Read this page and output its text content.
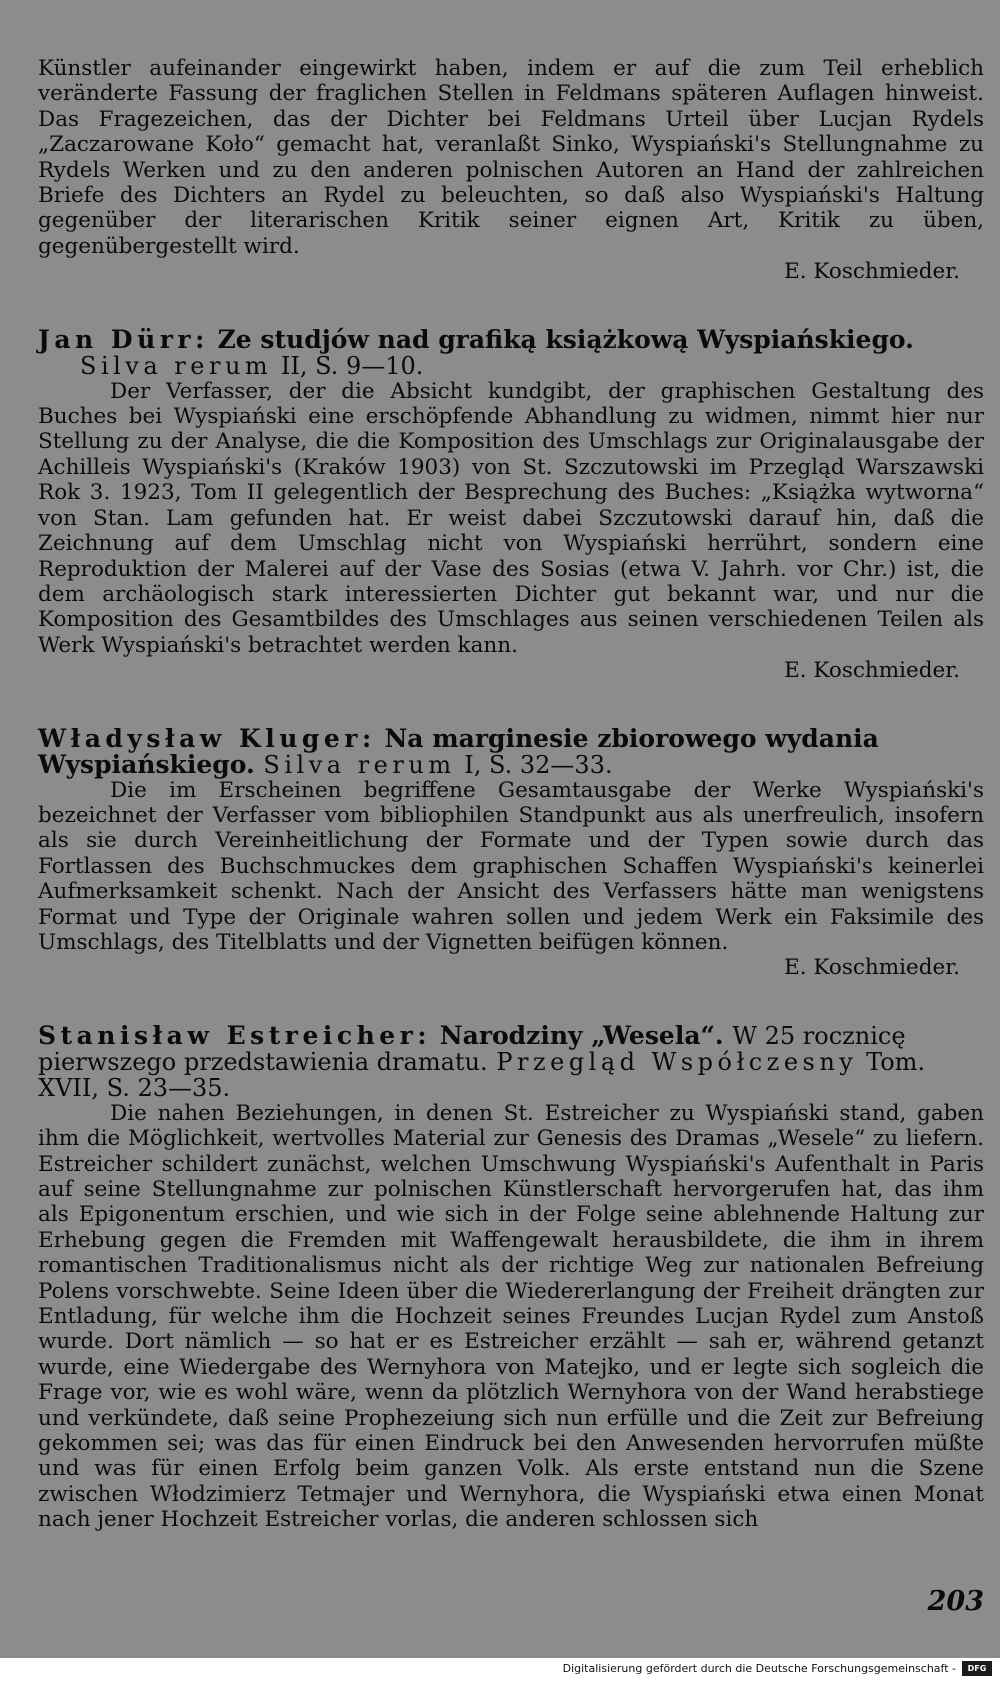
Künstler aufeinander eingewirkt haben, indem er auf die zum Teil erheblich veränderte Fassung der fraglichen Stellen in Feldmans späteren Auflagen hinweist. Das Fragezeichen, das der Dichter bei Feldmans Urteil über Lucjan Rydels „Zaczarowane Koło“ gemacht hat, veranlaßt Sinko, Wyspiański's Stellungnahme zu Rydels Werken und zu den anderen polnischen Autoren an Hand der zahlreichen Briefe des Dichters an Rydel zu beleuchten, so daß also Wyspiański's Haltung gegenüber der literarischen Kritik seiner eignen Art, Kritik zu üben, gegenübergestellt wird.

E. Koschmieder.

Jan Dürr: Ze studjów nad grafiką książkową Wyspiańskiego.
Silva rerum II, S. 9—10.

Der Verfasser, der die Absicht kundgibt, der graphischen Gestaltung des Buches bei Wyspiański eine erschöpfende Abhandlung zu widmen, nimmt hier nur Stellung zu der Analyse, die die Komposition des Umschlags zur Originalausgabe der Achilleis Wyspiański's (Kraków 1903) von St. Szczutowski im Przegląd Warszawski Rok 3. 1923, Tom II gelegentlich der Besprechung des Buches: „Książka wytworna“ von Stan. Lam gefunden hat. Er weist dabei Szczutowski darauf hin, daß die Zeichnung auf dem Umschlag nicht von Wyspiański herrührt, sondern eine Reproduktion der Malerei auf der Vase des Sosias (etwa V. Jahrh. vor Chr.) ist, die dem archäologisch stark interessierten Dichter gut bekannt war, und nur die Komposition des Gesamtbildes des Umschlages aus seinen verschiedenen Teilen als Werk Wyspiański's betrachtet werden kann.

E. Koschmieder.

Władysław Kluger: Na marginesie zbiorowego wydania Wyspiańskiego. Silva rerum I, S. 32—33.

Die im Erscheinen begriffene Gesamtausgabe der Werke Wyspiański's bezeichnet der Verfasser vom bibliophilen Standpunkt aus als unerfreulich, insofern als sie durch Vereinheitlichung der Formate und der Typen sowie durch das Fortlassen des Buchschmuckes dem graphischen Schaffen Wyspiański's keinerlei Aufmerksamkeit schenkt. Nach der Ansicht des Verfassers hätte man wenigstens Format und Type der Originale wahren sollen und jedem Werk ein Faksimile des Umschlags, des Titelblatts und der Vignetten beifügen können.

E. Koschmieder.

Stanisław Estreicher: Narodziny „Wesela“. W 25 rocznicę pierwszego przedstawienia dramatu. Przegląd Współczesny Tom. XVII, S. 23—35.

Die nahen Beziehungen, in denen St. Estreicher zu Wyspiański stand, gaben ihm die Möglichkeit, wertvolles Material zur Genesis des Dramas „Wesele“ zu liefern. Estreicher schildert zunächst, welchen Umschwung Wyspiański's Aufenthalt in Paris auf seine Stellungnahme zur polnischen Künstlerschaft hervorgerufen hat, das ihm als Epigonentum erschien, und wie sich in der Folge seine ablehnende Haltung zur Erhebung gegen die Fremden mit Waffengewalt herausbildete, die ihm in ihrem romantischen Traditionalismus nicht als der richtige Weg zur nationalen Befreiung Polens vorschwebte. Seine Ideen über die Wiedererlangung der Freiheit drängten zur Entladung, für welche ihm die Hochzeit seines Freundes Lucjan Rydel zum Anstoß wurde. Dort nämlich — so hat er es Estreicher erzählt — sah er, während getanzt wurde, eine Wiedergabe des Wernyhora von Matejko, und er legte sich sogleich die Frage vor, wie es wohl wäre, wenn da plötzlich Wernyhora von der Wand herabstiege und verkündete, daß seine Prophezeiung sich nun erfülle und die Zeit zur Befreiung gekommen sei; was das für einen Eindruck bei den Anwesenden hervorrufen müßte und was für einen Erfolg beim ganzen Volk. Als erste entstand nun die Szene zwischen Włodzimierz Tetmajer und Wernyhora, die Wyspiański etwa einen Monat nach jener Hochzeit Estreicher vorlas, die anderen schlossen sich

203
Digitalisierung gefördert durch die Deutsche Forschungsgemeinschaft -	DFG
